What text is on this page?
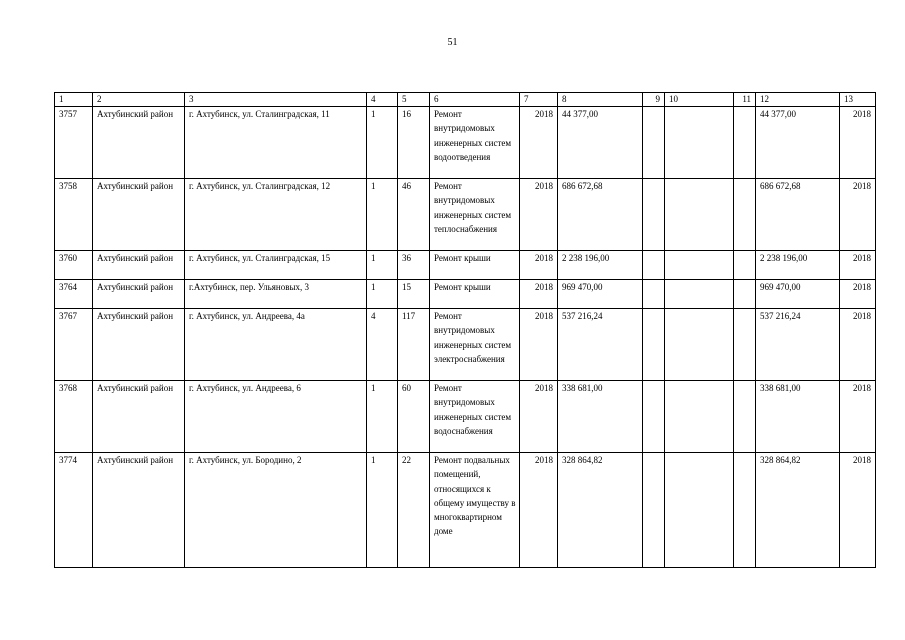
51
1	2	3	4	5	6	7	8	9	10	11	12	13
3757	Ахтубинский район	г. Ахтубинск, ул. Сталинградская, 11	1	16	Ремонт внутридомовых инженерных систем водоотведения	2018	44 377,00				44 377,00	2018
3758	Ахтубинский район	г. Ахтубинск, ул. Сталинградская, 12	1	46	Ремонт внутридомовых инженерных систем теплоснабжения	2018	686 672,68				686 672,68	2018
3760	Ахтубинский район	г. Ахтубинск, ул. Сталинградская, 15	1	36	Ремонт крыши	2018	2 238 196,00				2 238 196,00	2018
3764	Ахтубинский район	г.Ахтубинск, пер. Ульяновых, 3	1	15	Ремонт крыши	2018	969 470,00				969 470,00	2018
3767	Ахтубинский район	г. Ахтубинск, ул. Андреева, 4а	4	117	Ремонт внутридомовых инженерных систем электроснабжения	2018	537 216,24				537 216,24	2018
3768	Ахтубинский район	г. Ахтубинск, ул. Андреева, 6	1	60	Ремонт внутридомовых инженерных систем водоснабжения	2018	338 681,00				338 681,00	2018
3774	Ахтубинский район	г. Ахтубинск, ул. Бородино, 2	1	22	Ремонт подвальных помещений, относящихся к общему имуществу в многоквартирном доме	2018	328 864,82				328 864,82	2018
